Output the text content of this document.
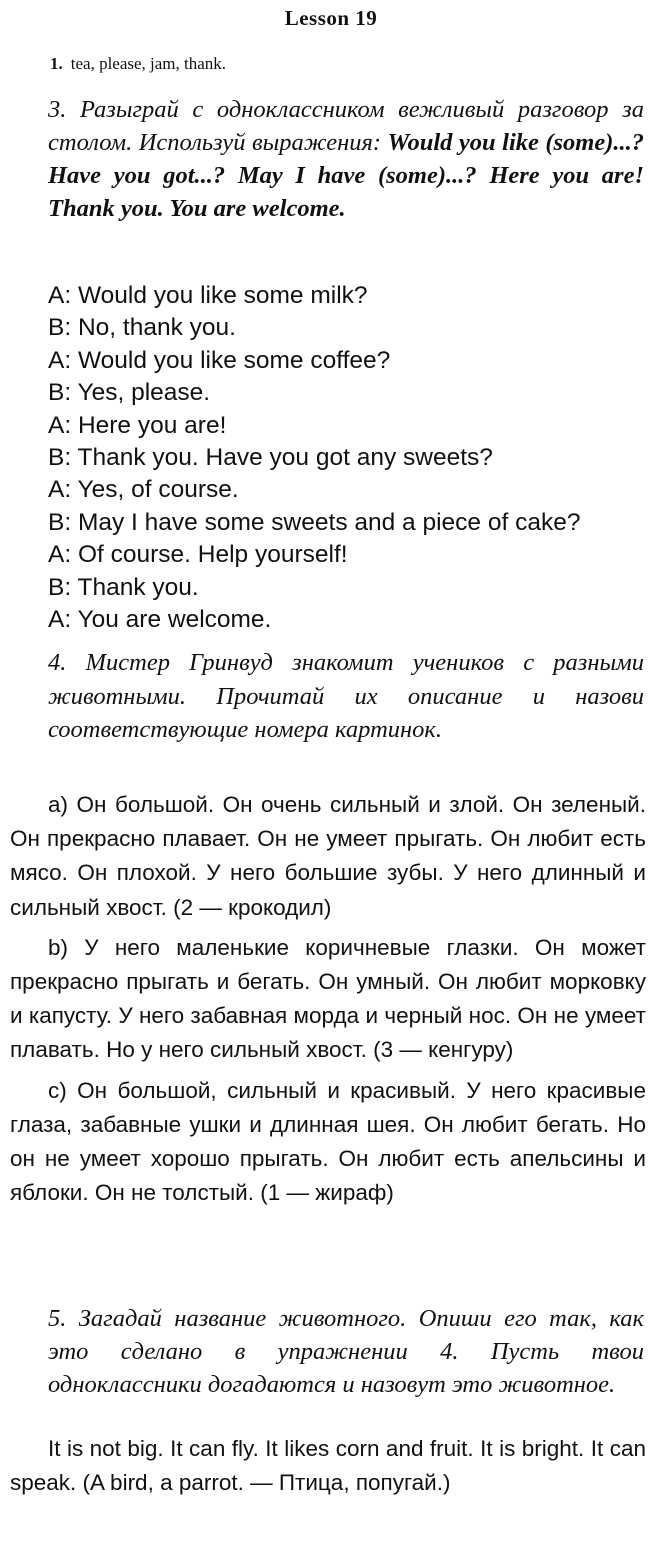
Lesson 19
1. tea, please, jam, thank.
3. Разыграй с одноклассником вежливый разговор за столом. Используй выражения: Would you like (some)...? Have you got...? May I have (some)...? Here you are! Thank you. You are welcome.
A: Would you like some milk?
B: No, thank you.
A: Would you like some coffee?
B: Yes, please.
A: Here you are!
B: Thank you. Have you got any sweets?
A: Yes, of course.
B: May I have some sweets and a piece of cake?
A: Of course. Help yourself!
B: Thank you.
A: You are welcome.
4. Мистер Гринвуд знакомит учеников с разными животными. Прочитай их описание и назови соответствующие номера картинок.

a) Он большой. Он очень сильный и злой. Он зеленый. Он прекрасно плавает. Он не умеет прыгать. Он любит есть мясо. Он плохой. У него большие зубы. У него длинный и сильный хвост. (2 — крокодил)

b) У него маленькие коричневые глазки. Он может прекрасно прыгать и бегать. Он умный. Он любит морковку и капусту. У него забавная морда и черный нос. Он не умеет плавать. Но у него сильный хвост. (3 — кенгуру)

c) Он большой, сильный и красивый. У него красивые глаза, забавные ушки и длинная шея. Он любит бегать. Но он не умеет хорошо прыгать. Он любит есть апельсины и яблоки. Он не толстый. (1 — жираф)

5. Загадай название животного. Опиши его так, как это сделано в упражнении 4. Пусть твои одноклассники догадаются и назовут это животное.

It is not big. It can fly. It likes corn and fruit. It is bright. It can speak. (A bird, a parrot. — Птица, попугай.)
